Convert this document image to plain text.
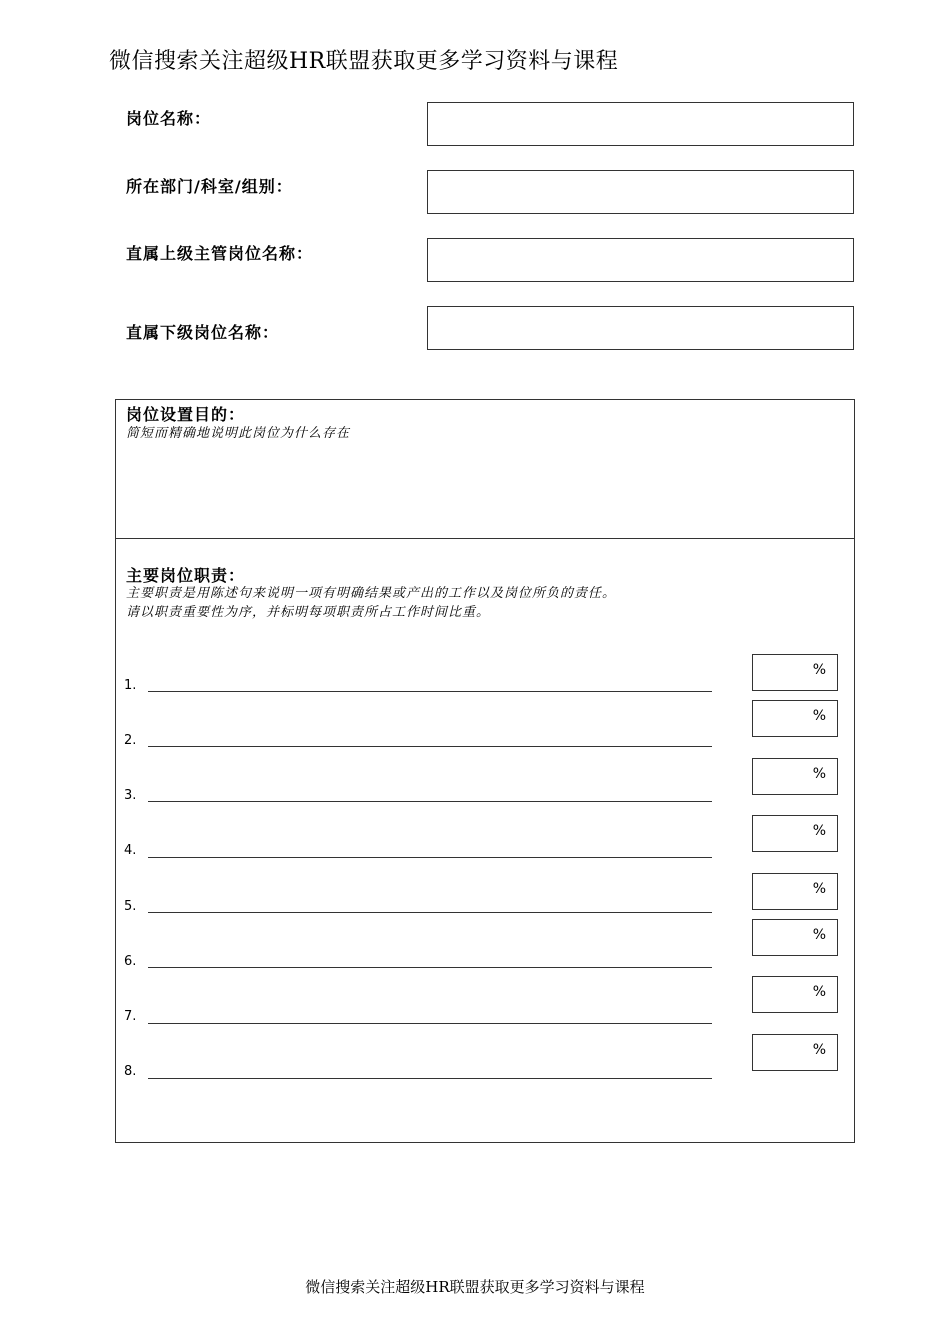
微信搜索关注超级HR联盟获取更多学习资料与课程
岗位名称：
所在部门/科室/组别：
直属上级主管岗位名称：
直属下级岗位名称：
岗位设置目的：
简短而精确地说明此岗位为什么存在
主要岗位职责：
主要职责是用陈述句来说明一项有明确结果或产出的工作以及岗位所负的责任。
请以职责重要性为序，并标明每项职责所占工作时间比重。
1.
2.
3.
4.
5.
6.
7.
8.
%
%
%
%
%
%
%
%
微信搜索关注超级HR联盟获取更多学习资料与课程
